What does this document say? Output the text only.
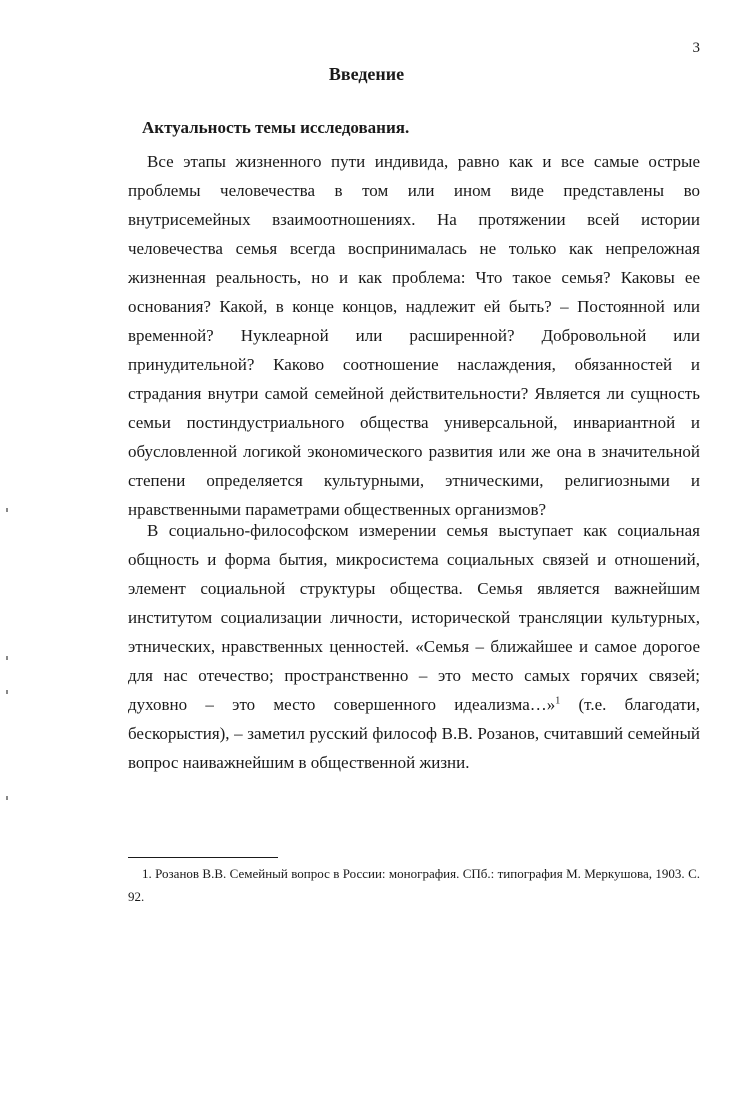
3
Введение
Актуальность темы исследования.
Все этапы жизненного пути индивида, равно как и все самые острые проблемы человечества в том или ином виде представлены во внутрисемейных взаимоотношениях. На протяжении всей истории человечества семья всегда воспринималась не только как непреложная жизненная реальность, но и как проблема: Что такое семья? Каковы ее основания? Какой, в конце концов, надлежит ей быть? – Постоянной или временной? Нуклеарной или расширенной? Добровольной или принудительной? Каково соотношение наслаждения, обязанностей и страдания внутри самой семейной действительности? Является ли сущность семьи постиндустриального общества универсальной, инвариантной и обусловленной логикой экономического развития или же она в значительной степени определяется культурными, этническими, религиозными и нравственными параметрами общественных организмов?
В социально-философском измерении семья выступает как социальная общность и форма бытия, микросистема социальных связей и отношений, элемент социальной структуры общества. Семья является важнейшим институтом социализации личности, исторической трансляции культурных, этнических, нравственных ценностей. «Семья – ближайшее и самое дорогое для нас отечество; пространственно – это место самых горячих связей; духовно – это место совершенного идеализма…»$^1$ (т.е. благодати, бескорыстия), – заметил русский философ В.В. Розанов, считавший семейный вопрос наиважнейшим в общественной жизни.
1. Розанов В.В. Семейный вопрос в России: монография. СПб.: типография М. Меркушова, 1903. С. 92.
